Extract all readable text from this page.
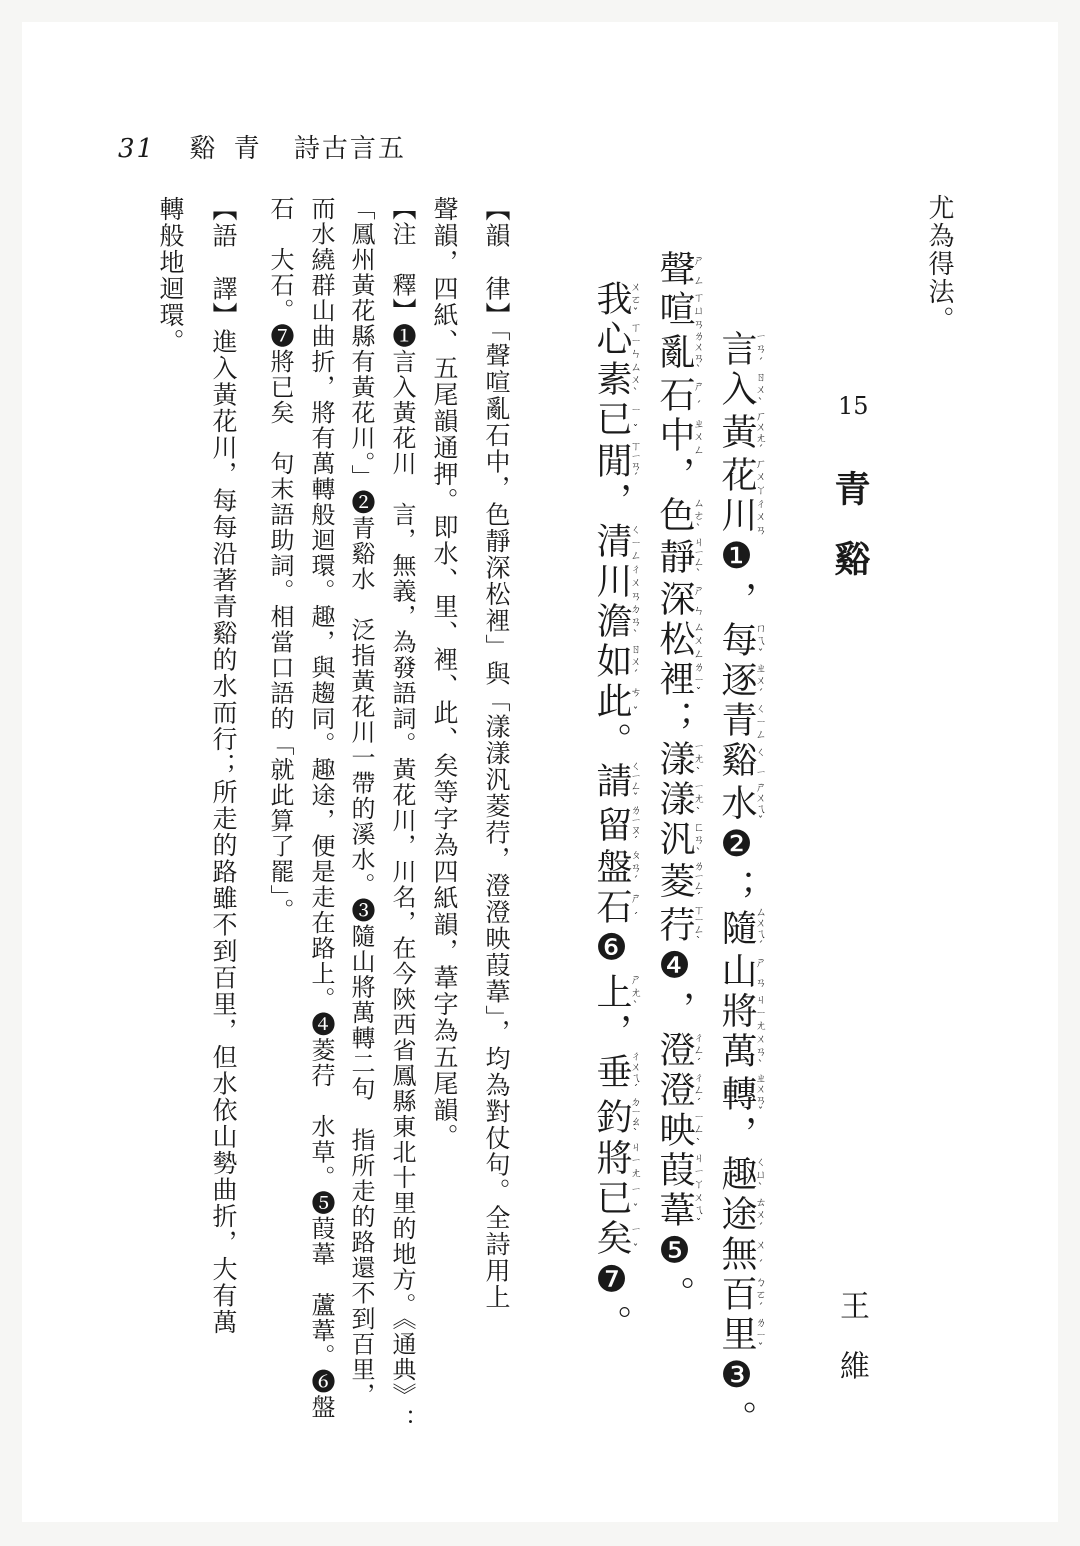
31 谿 青 詩古言五
尤為得法。
15
青谿
王維
言ㄧㄢˊ入ㄖㄨˋ黃ㄏㄨㄤˊ花ㄏㄨㄚ川ㄔㄨㄢ❶，每ㄇㄟˇ逐ㄓㄨˊ青ㄑㄧㄥ谿ㄑㄧ水ㄕㄨㄟˇ❷；隨ㄙㄨㄟˊ山ㄕㄢ將ㄐㄧㄤ萬ㄨㄢˋ轉ㄓㄨㄢˇ，趣ㄑㄩˋ途ㄊㄨˊ無ㄨˊ百ㄅㄛˊ里ㄌㄧˇ❸。
聲ㄕㄥ喧ㄒㄩㄢ亂ㄌㄨㄢˋ石ㄕˊ中ㄓㄨㄥ，色ㄙㄜˋ靜ㄐㄧㄥˋ深ㄕㄣ松ㄙㄨㄥ裡ㄌㄧˇ；漾ㄧㄤˋ漾ㄧㄤˋ汎ㄈㄢˋ菱ㄌㄧㄥˊ荇ㄒㄧㄥˋ❹，澄ㄔㄥˊ澄ㄔㄥˊ映ㄧㄥˋ葭ㄐㄧㄚ葦ㄨㄟˇ❺。
我ㄨㄛˇ心ㄒㄧㄣ素ㄙㄨˋ已ㄧˇ閒ㄒㄧㄢˊ，清ㄑㄧㄥ川ㄔㄨㄢ澹ㄉㄢˋ如ㄖㄨˊ此ㄘˇ。請ㄑㄧㄥˇ留ㄌㄧㄡˊ盤ㄆㄢˊ石ㄕˊ❻上ㄕㄤˋ，垂ㄔㄨㄟˊ釣ㄉㄧㄠˋ將ㄐㄧㄤ已ㄧˇ矣ㄧˇ❼。
【韻　律】「聲喧亂石中，色靜深松裡」與「漾漾汎菱荇，澄澄映葭葦」，均為對仗句。全詩用上
聲韻，四紙、五尾韻通押。即水、里、裡、此、矣等字為四紙韻，葦字為五尾韻。
【注　釋】❶言入黃花川　言，無義，為發語詞。黃花川，川名，在今陝西省鳳縣東北十里的地方。《通典》：
「鳳州黃花縣有黃花川。」❷青谿水　泛指黃花川一帶的溪水。❸隨山將萬轉二句　指所走的路還不到百里，
而水繞群山曲折，將有萬轉般迴環。趣，與趨同。趣途，便是走在路上。❹菱荇　水草。❺葭葦　蘆葦。❻盤
石　大石。❼將已矣　句末語助詞。相當口語的「就此算了罷」。
【語　譯】進入黃花川，每每沿著青谿的水而行；所走的路雖不到百里，但水依山勢曲折，大有萬
轉般地迴環。
